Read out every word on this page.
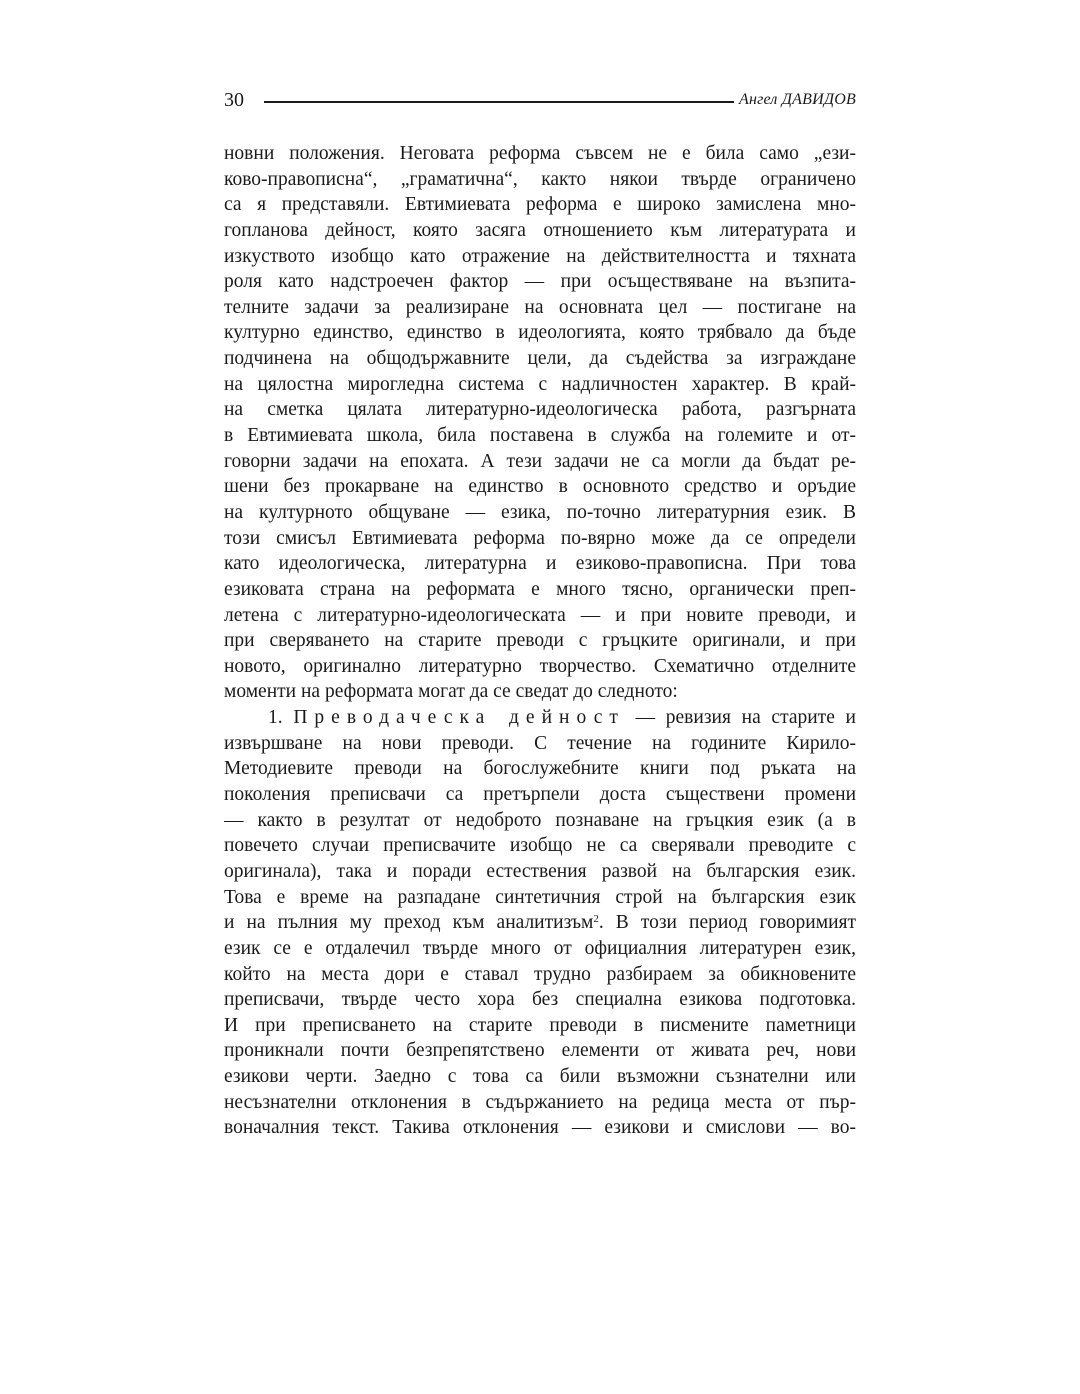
30	Ангел ДАВИДОВ
новни положения. Неговата реформа съвсем не е била само „ези-
ково-правописна“, „граматична“, както някои твърде ограничено
са я представяли. Евтимиевата реформа е широко замислена мно-
гопланова дейност, която засяга отношението към литературата и
изкуството изобщо като отражение на действителността и тяхната
роля като надстроечен фактор — при осъществяване на възпита-
телните задачи за реализиране на основната цел — постигане на
културно единство, единство в идеологията, която трябвало да бъде
подчинена на общодържавните цели, да съдейства за изграждане
на цялостна мирогледна система с надличностен характер. В край-
на сметка цялата литературно-идеологическа работа, разгърната
в Евтимиевата школа, била поставена в служба на големите и от-
говорни задачи на епохата. А тези задачи не са могли да бъдат ре-
шени без прокарване на единство в основното средство и оръдие
на културното общуване — езика, по-точно литературния език. В
този смисъл Евтимиевата реформа по-вярно може да се определи
като идеологическа, литературна и езиково-правописна. При това
езиковата страна на реформата е много тясно, органически преп-
летена с литературно-идеологическата — и при новите преводи, и
при сверяването на старите преводи с гръцките оригинали, и при
новото, оригинално литературно творчество. Схематично отделните
моменти на реформата могат да се сведат до следното:
1. Преводаческа дейност — ревизия на старите и
извършване на нови преводи. С течение на годините Кирило-
Методиевите преводи на богослужебните книги под ръката на
поколения преписвачи са претърпели доста съществени промени
— както в резултат от недоброто познаване на гръцкия език (а в
повечето случаи преписвачите изобщо не са сверявали преводите с
оригинала), така и поради естествения развой на българския език.
Това е време на разпадане синтетичния строй на българския език
и на пълния му преход към аналитизъм$^2$. В този период говоримият
език се е отдалечил твърде много от официалния литературен език,
който на места дори е ставал трудно разбираем за обикновените
преписвачи, твърде често хора без специална езикова подготовка.
И при преписването на старите преводи в писмените паметници
проникнали почти безпрепятствено елементи от живата реч, нови
езикови черти. Заедно с това са били възможни съзнателни или
несъзнателни отклонения в съдържанието на редица места от пър-
воначалния текст. Такива отклонения — езикови и смислови — во-
